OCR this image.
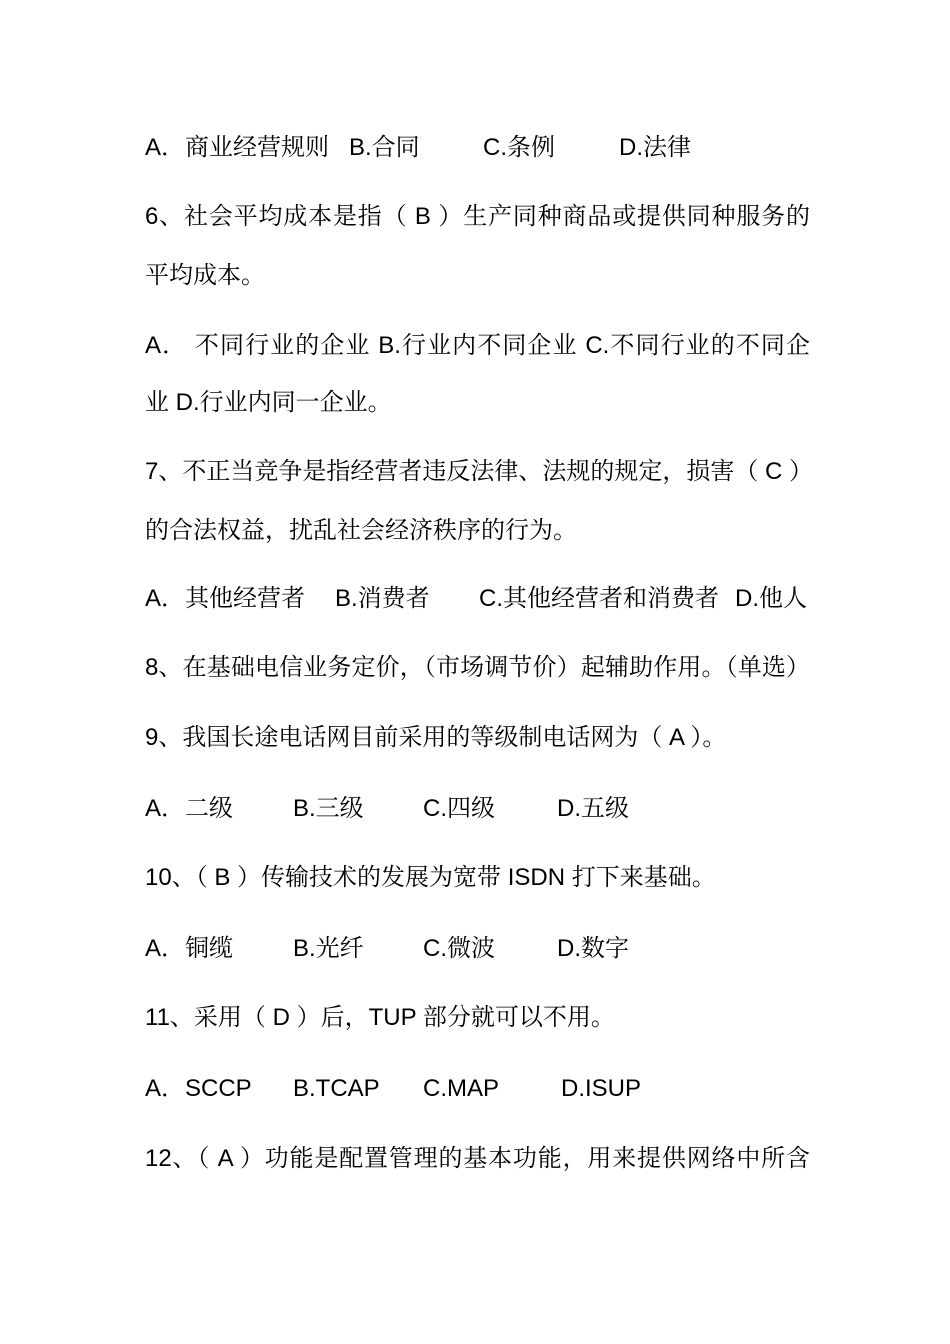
A．商业经营规则 B.合同	C.条例	D.法律
6、社会平均成本是指（ B ）生产同种商品或提供同种服务的
平均成本。
A． 不同行业的企业 B.行业内不同企业 C.不同行业的不同企
业 D.行业内同一企业。
7、不正当竞争是指经营者违反法律、法规的规定，损害（ C ）
的合法权益，扰乱社会经济秩序的行为。
A．其他经营者 B.消费者 C.其他经营者和消费者 D.他人
8、在基础电信业务定价，（市场调节价）起辅助作用。（单选）
9、我国长途电话网目前采用的等级制电话网为（ A ）。
A．二级	B.三级 C.四级	D.五级
10、（ B ）传输技术的发展为宽带 ISDN 打下来基础。
A．铜缆	B.光纤 C.微波	D.数字
11、采用（ D ）后，TUP 部分就可以不用。
A．SCCP B.TCAP C.MAP	D.ISUP
12、（ A ）功能是配置管理的基本功能，用来提供网络中所含
